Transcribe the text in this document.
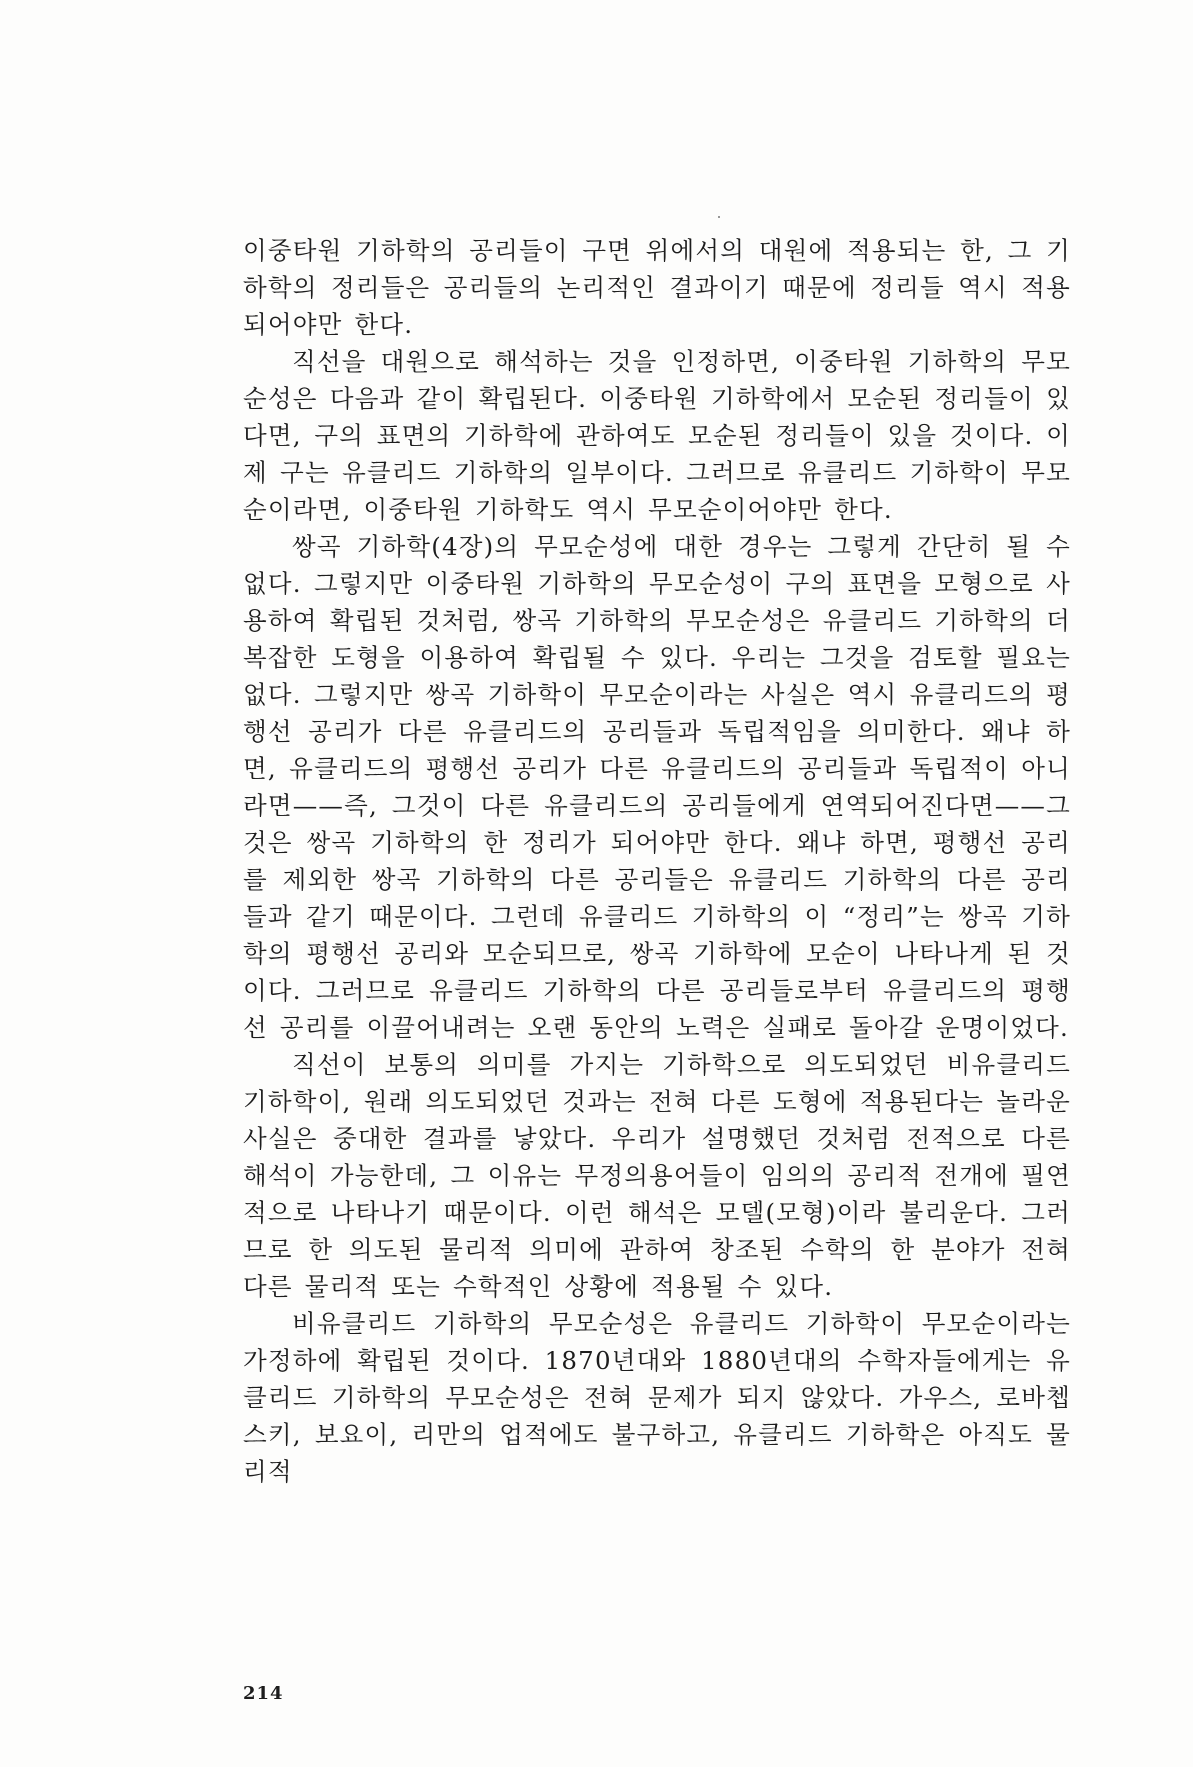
이중타원 기하학의 공리들이 구면 위에서의 대원에 적용되는 한, 그 기하학의 정리들은 공리들의 논리적인 결과이기 때문에 정리들 역시 적용되어야만 한다.

직선을 대원으로 해석하는 것을 인정하면, 이중타원 기하학의 무모순성은 다음과 같이 확립된다. 이중타원 기하학에서 모순된 정리들이 있다면, 구의 표면의 기하학에 관하여도 모순된 정리들이 있을 것이다. 이제 구는 유클리드 기하학의 일부이다. 그러므로 유클리드 기하학이 무모순이라면, 이중타원 기하학도 역시 무모순이어야만 한다.

쌍곡 기하학(4장)의 무모순성에 대한 경우는 그렇게 간단히 될 수 없다. 그렇지만 이중타원 기하학의 무모순성이 구의 표면을 모형으로 사용하여 확립된 것처럼, 쌍곡 기하학의 무모순성은 유클리드 기하학의 더 복잡한 도형을 이용하여 확립될 수 있다. 우리는 그것을 검토할 필요는 없다. 그렇지만 쌍곡 기하학이 무모순이라는 사실은 역시 유클리드의 평행선 공리가 다른 유클리드의 공리들과 독립적임을 의미한다. 왜냐 하면, 유클리드의 평행선 공리가 다른 유클리드의 공리들과 독립적이 아니라면——즉, 그것이 다른 유클리드의 공리들에게 연역되어진다면——그것은 쌍곡 기하학의 한 정리가 되어야만 한다. 왜냐 하면, 평행선 공리를 제외한 쌍곡 기하학의 다른 공리들은 유클리드 기하학의 다른 공리들과 같기 때문이다. 그런데 유클리드 기하학의 이 “정리”는 쌍곡 기하학의 평행선 공리와 모순되므로, 쌍곡 기하학에 모순이 나타나게 된 것이다. 그러므로 유클리드 기하학의 다른 공리들로부터 유클리드의 평행선 공리를 이끌어내려는 오랜 동안의 노력은 실패로 돌아갈 운명이었다.

직선이 보통의 의미를 가지는 기하학으로 의도되었던 비유클리드 기하학이, 원래 의도되었던 것과는 전혀 다른 도형에 적용된다는 놀라운 사실은 중대한 결과를 낳았다. 우리가 설명했던 것처럼 전적으로 다른 해석이 가능한데, 그 이유는 무정의용어들이 임의의 공리적 전개에 필연적으로 나타나기 때문이다. 이런 해석은 모델(모형)이라 불리운다. 그러므로 한 의도된 물리적 의미에 관하여 창조된 수학의 한 분야가 전혀 다른 물리적 또는 수학적인 상황에 적용될 수 있다.

비유클리드 기하학의 무모순성은 유클리드 기하학이 무모순이라는 가정하에 확립된 것이다. 1870년대와 1880년대의 수학자들에게는 유클리드 기하학의 무모순성은 전혀 문제가 되지 않았다. 가우스, 로바쳅스키, 보요이, 리만의 업적에도 불구하고, 유클리드 기하학은 아직도 물리적

214
